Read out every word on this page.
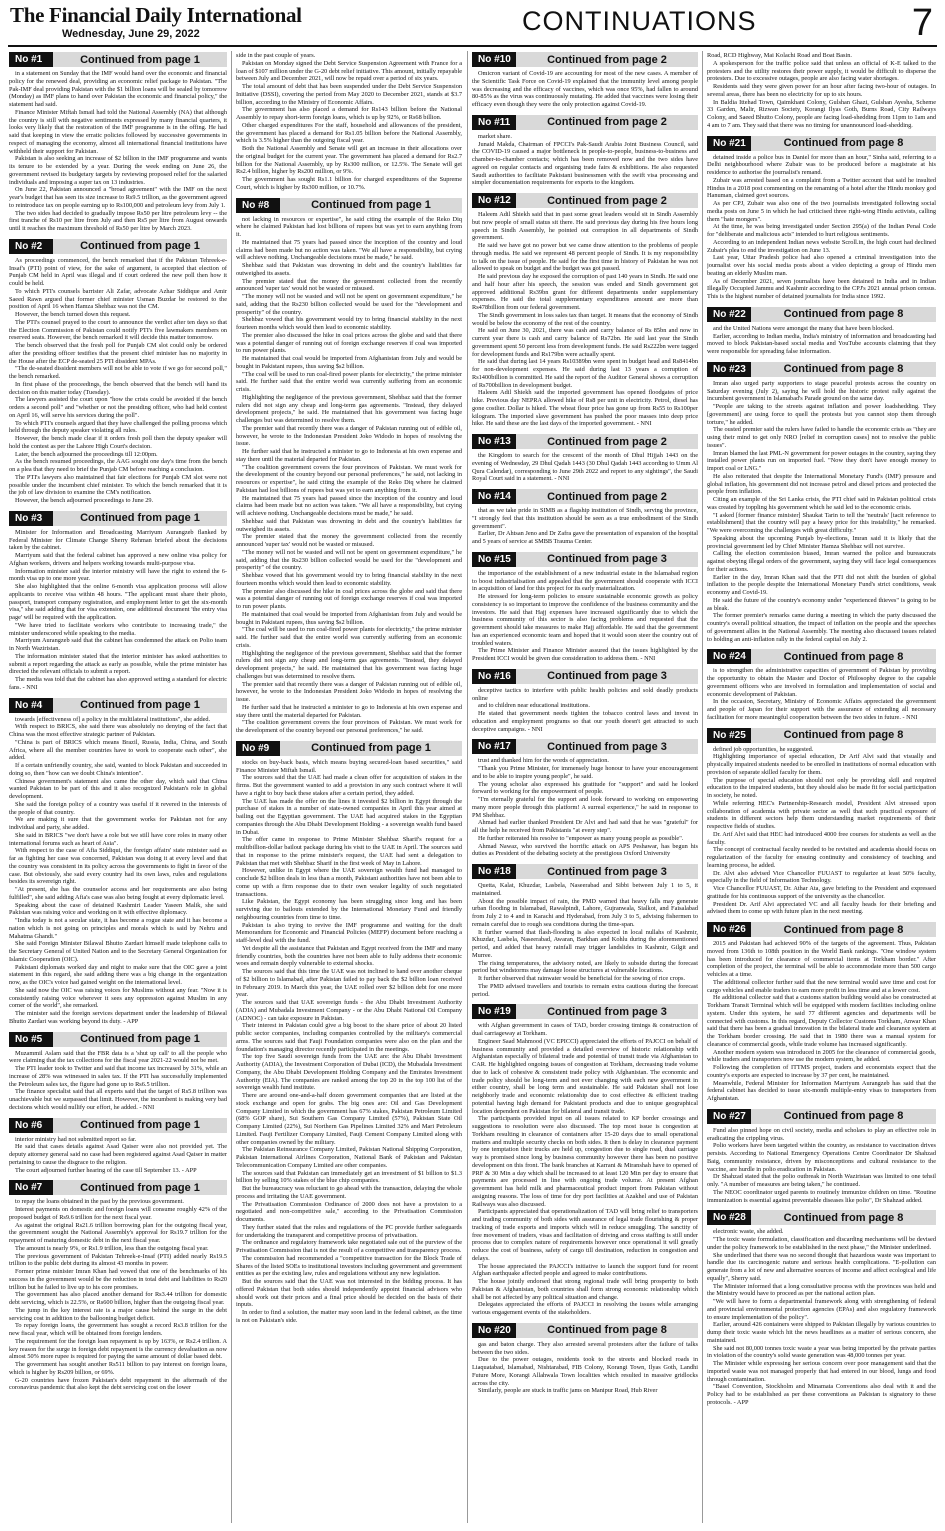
The Financial Daily International
Wednesday, June 29, 2022	CONTINUATIONS	7
No #1	Continued from page 1

in a statement on Sunday that the IMF would hand over the economic and financial policy for the renewed deal, providing an economic relief package to Pakistan. "The Pak-IMF deal providing Pakistan with the $1 billion loans will be sealed by tomorrow (Monday) as IMF plans to hand over Pakistan the economic and financial policy," the statement had said.

Finance Minister Miftah Ismail had told the National Assembly (NA) that although the country is still with negative sentiments expressed by many financial quarters, it looks very likely that the restoration of the IMF programme is in the offing. He had said that keeping in view the erratic policies followed by successive governments in respect of managing the economy, almost all international financial institutions have withheld their support for Pakistan.

Pakistan is also seeking an increase of $2 billion in the IMF programme and wants its tenure to be extended by a year. During the week ending on June 26, the government revised its budgetary targets by reviewing proposed relief for the salaried individuals and imposing a super tax on 13 industries.

On June 22, Pakistan announced a "broad agreement" with the IMF on the next year's budget that has seen its size increase to Rs9.5 trillion, as the government agreed to reintroduce tax on people earning up to Rs100,000 and petroleum levy from July 1.

The two sides had decided to gradually impose Rs50 per litre petroleum levy -- the first tranche of Rs10 per litre from July and then Rs5 per litre from August onwards until it reaches the maximum threshold of Rs50 per litre by March 2023.

No #2	Continued from page 1

As proceedings commenced, the bench remarked that if the Pakistan Tehreek-e-Insaf's (PTI) point of view, for the sake of argument, is accepted that election of Punjab CM held in April was illegal and if court ordered the new poll then how it could be held.

To which PTI's counsels barrister Ali Zafar, advocate Azhar Siddique and Amir Saeed Rawn argued that former chief minister Usman Buzdar be restored to the position of April 16 when Hamza Shehbaz was not the CM.

However, the bench turned down this request.

The PTI's counsel prayed to the court to announce the verdict after ten days so that the Election Commission of Pakistan could notify PTI's five lawmakers members on reserved seats. However, the bench remarked it will decide this matter tomorrow.

The bench observed that the fresh poll for Punjab CM slot could only be ordered after the presiding officer testifies that the present chief minister has no majority in the House after the ECP de-seated 25 PTI dissident MPAs.

"The de-seated dissident members will not be able to vote if we go for second poll," the bench remarked.

In first phase of the proceedings, the bench observed that the bench will hand its decision on this matter today (Tuesday).

The lawyers assisted the court upon "how the crisis could be avoided if the bench orders a second poll" and "whether or not the presiding officer, who had held contest on April 16, will serve his services during the poll".

To which PTI's counsels argued that they have challenged the polling process which held through the deputy speaker violating all rules.

However, the bench made clear if it orders fresh poll then the deputy speaker will hold the contest as per the Lahore High Court's decision.

Later, the bench adjourned the proceedings till 12:00pm.

As the bench resumed proceedings, the AAG sought one day's time from the bench on a plea that they need to brief the Punjab CM before reaching a conclusion.

The PTI's lawyers also maintained that fair elections for Punjab CM slot were not possible under the incumbent chief minister. To which the bench remarked that it is the job of law division to examine the CM's notification.

However, the bench adjourned proceedings to June 29.

No #3	Continued from page 1

Minister for Information and Broadcasting Marriyum Aurangzeb flanked by Federal Minister for Climate Change Sherry Rehman briefed about the decisions taken by the cabinet.

Marriyum said that the federal cabinet has approved a new online visa policy for Afghan workers, drivers and helpers working towards multi-purpose visa.

Information minister said the interior ministry will have the right to extend the 6-month visa up to one more year.

She also highlighted that the online 6-month visa application process will allow applicants to receive visa within 48 hours. "The applicant must share their photo, passport, transport company registration, and employment letter to get the six-month visa," she said adding that for visa extension, one additional document 'the entry visa page' will be required with the application.

"We have tried to facilitate workers who contribute to increasing trade," the minister underscored while speaking to the media.

Marriyum Aurangzeb said that the cabinet has condemned the attack on Polio team in North Waziristan.

The information minister stated that the interior minister has asked authorities to submit a report regarding the attack as early as possible, while the prime minister has directed the relevant officials to submit a report.

The media was told that the cabinet has also approved setting a standard for electric fans. - NNI

No #4	Continued from page 1

towards [effectiveness of] a policy in the multilateral institutions", she added.

With respect to BRICS, she said there was absolutely no denying of the fact that China was the most effective strategic partner of Pakistan.

"China is part of BRICS which means Brazil, Russia, India, China, and South Africa, where all the member countries have to work to cooperate each other", she added.

If a certain unfriendly country, she said, wanted to block Pakistan and succeeded in doing so, then "how can we doubt China's intention".

Chinese government's statement also came the other day, which said that China wanted Pakistan to be part of this and it also recognized Pakistan's role in global development.

She said the foreign policy of a country was useful if it revered in the interests of the people of that country.

We are making it sure that the government works for Pakistan not for any individual and party, she added.

She said in BRICS "we don't have a role but we still have core roles in many other international forums such as heart of Asia".

With respect to the case of Afia Siddiqui, the foreign affairs' state minister said as far as fighting her case was concerned, Pakistan was doing it at every level and that the country was consistent in its policy across the governments to fight in favor of the case. But obviously, she said every country had its own laws, rules and regulations besides its sovereign right.

"At present, she has the counselor access and her requirements are also being fulfilled", she said adding Afia's case was also being fought at every diplomatic level.

Speaking about the case of detained Kashmiri Leader Yaseen Malik, she said Pakistan was raising voice and working on it with effective diplomacy.

"India today is not a secular state, it has become a rogue state and it has become a nation which is not going on principles and morals which is said by Nehru and Mahatma Ghandi."

She said Foreign Minister Bilawal Bhutto Zardari himself made telephone calls to the Secretary General of United Nation and to the Secretary General Organization for Islamic Cooperation (OIC).

Pakistani diplomats worked day and night to make sure that the OIC gave a joint statement in this regard, she said adding there was a big change in the organization now, as the OIC's voice had gained weight on the international level.

She said now the OIC was raising voices for Muslims without any fear. "Now it is consistently raising voice wherever it sees any oppression against Muslim in any corner of the world", she remarked.

The minister said the foreign services department under the leadership of Bilawal Bhutto Zardari was working beyond its duty. - APP

No #5	Continued from page 1

Muzammil Aslam said that the FBR data is a 'shut up call' to all the people who were claiming that the tax collections for the fiscal year 2021-22 would not be met.

The PTI leader took to Twitter and said that income tax increased by 31%, while an increase of 28% was witnessed in sales tax. If the PTI has successfully implemented the Petroleum sales tax, the figure had gone up to Rs6.5 trillion.

The finance specialist said that all experts said that the target of Rs5.8 trillion was unachievable but we surpassed that limit. However, the incumbent is making very bad decisions which would nullify our effort, he added. - NNI

No #6	Continued from page 1

interior ministry had not submitted report so far.

He said that cases details against Asad Qaiser were also not provided yet. The deputy attorney general said no case had been registered against Asad Qaiser in matter pertaining to cause the disgrace to the religion.

The court adjourned further hearing of the case till September 13. - APP

No #7	Continued from page 1

to repay the loans obtained in the past by the previous government.

Interest payments on domestic and foreign loans will consume roughly 42% of the proposed budget of Rs9.6 trillion for the next fiscal year.

As against the original Rs21.6 trillion borrowing plan for the outgoing fiscal year, the government sought the National Assembly's approval for Rs19.7 trillion for the repayment of maturing domestic debt in the next fiscal year.

The amount is nearly 9%, or Rs1.9 trillion, less than the outgoing fiscal year.

The previous government of Pakistan Tehreek-e-Insaf (PTI) added nearly Rs19.5 trillion to the public debt during its almost 43 months in power.

Former prime minister Imran Khan had vowed that one of the benchmarks of his success in the government would be the reduction in total debt and liabilities to Rs20 trillion but he failed to live up to his core promises.

The government has also placed another demand for Rs3.44 trillion for domestic debt servicing, which is 22.5%, or Rs600 billion, higher than the outgoing fiscal year.

The jump in the key interest rate is a major cause behind the surge in the debt servicing cost in addition to the ballooning budget deficit.

To repay foreign loans, the government has sought a record Rs3.8 trillion for the new fiscal year, which will be obtained from foreign lenders.

The requirement for the foreign loan repayment is up by 163%, or Rs2.4 trillion. A key reason for the surge in foreign debt repayment is the currency devaluation as now almost 50% more rupee is required for paying the same amount of dollar based debt.

The government has sought another Rs511 billion to pay interest on foreign loans, which is higher by Rs209 billion, or 69%.

G-20 countries have frozen Pakistan's debt repayment in the aftermath of the coronavirus pandemic that also kept the debt servicing cost on the lower

side in the past couple of years.

Pakistan on Monday signed the Debt Service Suspension Agreement with France for a loan of $107 million under the G-20 debt relief initiative. This amount, initially repayable between July and December 2021, will now be repaid over a period of six years.

The total amount of debt that has been suspended under the Debt Service Suspension Initiative (DSSI), covering the period from May 2020 to December 2021, stands at $3.7 billion, according to the Ministry of Economic Affairs.

The government has also placed a demand for Rs143 billion before the National Assembly to repay short-term foreign loans, which is up by 92%, or Rs68 billion.

Other charged expenditures For the staff, household and allowances of the president, the government has placed a demand for Rs1.05 billion before the National Assembly, which is 3.5% higher than the outgoing fiscal year.

Both the National Assembly and Senate will get an increase in their allocations over the original budget for the current year. The government has placed a demand for Rs2.7 billion for the National Assembly, up by Rs300 million, or 12.5%. The Senate will get Rs2.4 billion, higher by Rs200 million, or 9%.

The government has sought Rs1.1 billion for charged expenditures of the Supreme Court, which is higher by Rs300 million, or 10.7%.

No #8	Continued from page 1

not lacking in resources or expertise", he said citing the example of the Reko Diq where he claimed Pakistan had lost billions of rupees but was yet to earn anything from it.

He maintained that 75 years had passed since the inception of the country and loud claims had been made but no action was taken. "We all have a responsibility, but crying will achieve nothing. Unchangeable decisions must be made," he said.

Shehbaz said that Pakistan was drowning in debt and the country's liabilities far outweighed its assets.

The premier stated that the money the government collected from the recently announced 'super tax' would not be wasted or misused.

"The money will not be wasted and will not be spent on government expenditure," he said, adding that the Rs230 billion collected would be used for the "development and prosperity" of the country.

Shehbaz vowed that his government would try to bring financial stability in the next fourteen months which would then lead to economic stability.

The premier also discussed the hike in coal prices across the globe and said that there was a potential danger of running out of foreign exchange reserves if coal was imported to run power plants.

He maintained that coal would be imported from Afghanistan from July and would be bought in Pakistani rupees, thus saving $s2 billion.

"The coal will be used to run coal-fired power plants for electricity," the prime minister said. He further said that the entire world was currently suffering from an economic crisis.

Highlighting the negligence of the previous government, Shehbaz said that the former rulers did not sign any cheap and long-term gas agreements. "Instead, they delayed development projects," he said. He maintained that his government was facing huge challenges but was determined to resolve them.

The premier said that recently there was a danger of Pakistan running out of edible oil, however, he wrote to the Indonesian President Joko Widodo in hopes of resolving the issue.

He further said that he instructed a minister to go to Indonesia at his own expense and stay there until the material departed for Pakistan.

"The coalition government covers the four provinces of Pakistan. We must work for the development of the country beyond our personal preferences," he said, not lacking in resources or expertise", he said citing the example of the Reko Diq where he claimed Pakistan had lost billions of rupees but was yet to earn anything from it.

He maintained that 75 years had passed since the inception of the country and loud claims had been made but no action was taken. "We all have a responsibility, but crying will achieve nothing. Unchangeable decisions must be made," he said.

Shehbaz said that Pakistan was drowning in debt and the country's liabilities far outweighed its assets.

The premier stated that the money the government collected from the recently announced 'super tax' would not be wasted or misused.

"The money will not be wasted and will not be spent on government expenditure," he said, adding that the Rs230 billion collected would be used for the "development and prosperity" of the country.

Shehbaz vowed that his government would try to bring financial stability in the next fourteen months which would then lead to economic stability.

The premier also discussed the hike in coal prices across the globe and said that there was a potential danger of running out of foreign exchange reserves if coal was imported to run power plants.

He maintained that coal would be imported from Afghanistan from July and would be bought in Pakistani rupees, thus saving $s2 billion.

"The coal will be used to run coal-fired power plants for electricity," the prime minister said. He further said that the entire world was currently suffering from an economic crisis.

Highlighting the negligence of the previous government, Shehbaz said that the former rulers did not sign any cheap and long-term gas agreements. "Instead, they delayed development projects," he said. He maintained that his government was facing huge challenges but was determined to resolve them.

The premier said that recently there was a danger of Pakistan running out of edible oil, however, he wrote to the Indonesian President Joko Widodo in hopes of resolving the issue.

He further said that he instructed a minister to go to Indonesia at his own expense and stay there until the material departed for Pakistan.

"The coalition government covers the four provinces of Pakistan. We must work for the development of the country beyond our personal preferences," he said.

No #9	Continued from page 1

stocks on buy-back basis, which means buying secured-loan based securities," said Finance Minister Miftah Ismail.

The sources said that the UAE had made a clean offer for acquisition of stakes in the firms. But the government wanted to add a provision in any such contract where it will have a right to buy back these stakes after a certain period, they added.

The UAE has made the offer on the lines it invested $2 billion in Egypt through the purchase of stakes in a number of state-owned companies in April this year aimed at bailing out the Egyptian government. The UAE had acquired stakes in the Egyptian companies through the Abu Dhabi Development Holding - a sovereign wealth fund based in Dubai.

The offer came in response to Prime Minister Shehbaz Sharif's request for a multibillion-dollar bailout package during his visit to the UAE in April. The sources said that in response to the prime minister's request, the UAE had sent a delegation to Pakistan that met with Shehbaz Sharif in the first week of May in Lahore.

However, unlike in Egypt where the UAE sovereign wealth fund had managed to conclude $2 billion deals in less than a month, Pakistani authorities have not been able to come up with a firm response due to their own weaker legality of such negotiated transactions.

Like Pakistan, the Egypt economy has been struggling since long and has been surviving due to bailouts extended by the International Monetary Fund and friendly neighbouring countries from time to time.

Pakistan is also trying to revive the IMF programme and waiting for the draft Memorandum for Economic and Financial Policies (MEFP) document before reaching a staff-level deal with the fund.

Yet despite all the assistance that Pakistan and Egypt received from the IMF and many friendly countries, both the countries have not been able to fully address their economic woes and remain deeply vulnerable to external shocks.

The sources said that this time the UAE was not inclined to hand over another cheque of $2 billion to Islamabad, after Pakistan failed to pay back the $2 billion loan received in February 2019. In March this year, the UAE rolled over $2 billion debt for one more year.

The sources said that UAE sovereign funds - the Abu Dhabi Investment Authority (ADIA) and Mubadala Investment Company - or the Abu Dhabi National Oil Company (ADNOC) - can take exposure in Pakistan.

Their interest in Pakistan could give a big boost to the share price of about 20 listed public sector companies, including companies controlled by the military's commercial arms. The sources said that Fauji Foundation companies were also on the plan and the foundation's managing director recently participated in the meetings.

The top five Saudi sovereign funds from the UAE are: the Abu Dhabi Investment Authority (ADIA), the Investment Corporation of Dubai (ICD), the Mubadala Investment Company, the Abu Dhabi Development Holding Company and the Emirates Investment Authority (EIA). The companies are ranked among the top 20 in the top 100 list of the sovereign wealth fund institute.

There are around one-and-a-half dozen government companies that are listed at the stock exchange and open for grabs. The big ones are: Oil and Gas Development Company Limited in which the government has 67% stakes, Pakistan Petroleum Limited (68% GOP share), Sui Southern Gas Company Limited (57%), Pakistan State Oil Company Limited (22%), Sui Northern Gas Pipelines Limited 32% and Mari Petroleum Limited. Fauji Fertilizer Company Limited, Fauji Cement Company Limited along with other companies owned by the military.

The Pakistan Reinsurance Company Limited, Pakistan National Shipping Corporation, Pakistan International Airlines Corporation, National Bank of Pakistan and Pakistan Telecommunication Company Limited are other companies.

The sources said that Pakistan can immediately get an investment of $1 billion to $1.3 billion by selling 10% stakes of the blue chip companies.

But the bureaucracy was reluctant to go ahead with the transaction, delaying the whole process and irritating the UAE government.

The Privatisation Commission Ordinance of 2000 does not have a provision to a negotiated and non-competitive sale," according to the Privatisation Commission documents.

They further stated that the rules and regulations of the PC provide further safeguards for undertaking the transparent and competitive process of privatisation.

The ordinance and regulatory framework take negotiated sale out of the purview of the Privatisation Commission that is not the result of a competitive and transparency process.

The commission had recommended a "competitive transaction for the Block Trade of Shares of the listed SOEs to institutional investors including government and government entities as per the existing law, rules and regulations without any new legislation.

But the sources said that the UAE was not interested in the bidding process. It has offered Pakistan that both sides should independently appoint financial advisors who should work out their prices and a final price should be decided on the basis of their inputs.

In order to find a solution, the matter may soon land in the federal cabinet, as the time is not on Pakistan's side.

No #10	Continued from page 2

Omicron variant of Covid-19 are accounting for most of the new cases. A member of the Scientific Task Force on Covid-19 explained that the immunity level among people was decreasing and the efficacy of vaccines, which was once 95%, had fallen to around 80-85% as the virus was continuously mutating. He added that vaccines were losing their efficacy even though they were the only protection against Covid-19.

No #11	Continued from page 2

market share.

Junaid Makda, Chairman of FPCCI's Pak-Saudi Arabia Joint Business Council, said the COVID-19 caused a major bottleneck in people-to-people, business-to-business and chamber-to-chamber contacts; which has been removed now and the two sides have agreed on regular contacts and organising trade fairs & exhibitions. He also requested Saudi authorities to facilitate Pakistani businessmen with the swift visa processing and simpler documentation requirements for exports to the kingdom.

No #12	Continued from page 2

Haleem Adil Shiekh said that in past some great leaders would sit in Sindh Assembly but now people of small status sit there. He said previous day during his five hours long speech in Sindh Assembly, he pointed out corruption in all departments of Sindh government.

He said we have got no power but we came draw attention to the problems of people through media. He said we represent 48 percent people of Sindh. It is my responsibility to talk on the issue of people. He said for the first time in history of Pakistan he was not allowed to speak on budget and the budget was got passed.

He said previous day he exposed the corruption of past 140 years in Sindh. He said one and half hour after his speech, the session was ended and Sindh government got approved additional Rs39bn grant for different departments under supplementary expenses. He said the total supplementary expenditures amount are more than Rs478billion from our federal government.

The Sindh government in loss sales tax than target. It means that the economy of Sindh would be below the economy of the rest of the country.

He said on June 30, 2021, there was cash and carry balance of Rs 85bn and now in current year there is cash and carry balance of Rs72bn. He said last year the Sindh government spent 50 percent less from development funds. He said Rs222bn were tagged for development funds and Rs179bn were actually spent.

He said that during last 14 years Rs10389bn were spent in budget head and Rs8414bn for non-development expenses. He said during last 13 years a corruption of Rs1400billion is committed. He said the report of the Auditor General shows a corruption of Rs700billion in development budget.

Haleem Adil Shiekh said the imported government has opened floodgates of price hike. Previous day NEPRA allowed hike of Rs8 per unit in electricity. Petrol, diesel has gone costlier. Dollar is hiked. The wheat flour price has gone up from Rs55 to Rs100per kilogram. The imported slave government has pushed the poor masses into deep price hike. He said these are the last days of the imported government. - NNI

No #13	Continued from page 2

the Kingdom to search for the crescent of the month of Dhul Hijjah 1443 on the evening of Wednesday, 29 Dhul Qadah 1443 (30 Dhul Qadah 1443 according to Umm Al Qura Calendar), corresponding to June 29th 2022 and report to any sightings", the Saudi Royal Court said in a statement. - NNI

No #14	Continued from page 2

that as we take pride in SIMB as a flagship institution of Sindh, serving the province, "I strongly feel that this institution should be seen as a true embodiment of the Sindh government".

Earlier, Dr Ahtsan Jeno and Dr Zafra gave the presentation of expansion of the hospital and 5 years of service at SMBB Trauma Center.

No #15	Continued from page 3

the importance of the establishment of a new industrial estate in the Islamabad region to boost industrialisation and appealed that the government should cooperate with ICCI in acquisition of land for this project for its early materialization.

He stressed for long-term policies to ensure sustainable economic growth as policy consistency is so important to improve the confidence of the business community and the investors. He said that Hajj expenses have increased significantly due to which the business community of this sector is also facing problems and requested that the government should take measures to make Hajj affordable. He said that the government has an experienced economic team and hoped that it would soon steer the country out of troubled waters.

The Prime Minister and Finance Minister assured that the issues highlighted by the President ICCI would be given due consideration to address them. - NNI

No #16	Continued from page 3

deceptive tactics to interfere with public health policies and sold deadly products online

and to children near educational institutions.

He stated that government needs tighten the tobacco control laws and invest in education and employment programs so that our youth doesn't get attracted to such deceptive campaigns. - NNI

No #17	Continued from page 3

trust and thanked him for the words of appreciation.

"Thank you Prime Minister, for immensely huge honour to have your encouragement and to be able to inspire young people", he said.

The young scholar also expressed his gratitude for "support" and said he looked forward to working for the empowerment of people.

"I'm eternally grateful for the support and look forward to working on empowering many more people through this platform! A surreal experience," he said in response to PM Shehbaz.

Ahmad had earlier thanked President Dr Alvi and had said that he was "grateful" for all the help he received from Pakistanis "at every step".

He further reiterated his resolve to "empower as many young people as possible".

Ahmad Nawaz, who survived the horrific attack on APS Peshawar, has begun his duties as President of the debating society at the prestigious Oxford University

No #18	Continued from page 3

Quetta, Kalat, Khuzdar, Lasbela, Naseerabad and Sibbi between July 1 to 5, it maintained.

About the possible impact of rain, the PMD warned that heavy falls may generate urban flooding in Islamabad, Rawalpindi, Lahore, Gujranwala, Sialkot, and Faisalabad from July 2 to 4 and in Karachi and Hyderabad, from July 3 to 5, advising fishermen to remain careful due to rough sea conditions during the time-span.

It further warned that flash-flooding is also expected in local nullahs of Kashmir, Khuzdar, Lasbela, Naseerabad, Awaran, Barkhan and Kohlu during the aforementioned period, and added that heavy rainfall may trigger landslides in Kashmir, Gilgit and Murree.

The rising temperatures, the advisory noted, are likely to subside during the forecast period but windstorms may damage loose structures at vulnerable locations.

It further observed that rainwater would be beneficial for the sowing of rice crops.

The PMD advised travellers and tourists to remain extra cautious during the forecast period.

No #19	Continued from page 3

with Afghan government in cases of TAD, border crossing timings & construction of dual carriageway at Torkham.

Engineer Saad Mahmood (VC EPICCI) appreciated the efforts of PAJCCI on behalf of business community and provided a detailed overview of historic relationship with Afghanistan especially of bilateral trade and potential of transit trade via Afghanistan to CAR. He highlighted ongoing issues of congestion at Torkham, decreasing trade volume due to lack of cohesive & consistent trade policy with Afghanistan. The economic and trade policy should be long-term and not ever changing with each new government in either country, shall be long term and sustainable. He said Pakistan shall not lose neighborly trade and economic relationship due to cost effective & efficient trading potential having high demand for Pakistani products and due to unique geographical location dependent on Pakistan for bilateral and transit trade.

The participants provided input on all issues related to KP border crossings and suggestions to resolution were also discussed. The top most issue is congestion at Torkham resulting in clearance of containers after 15-20 days due to small operational matters and multiple security checks on both sides. It then is delay in clearance payment by one temptation their trucks are held up, congestion due to single road, dual carriage way is promised since long by business community however there has been no positive development on this front. The bank branches at Karrani & Miranshah have to opened of PRF & 30 Min a day which shall be increased to at least 120 Min per day to ensure that payments are processed in line with ongoing trade volume. At present Afghan government has held milk and pharmaceutical product import from Pakistan without assigning reasons. The loss of time for dry port facilities at Azakhel and use of Pakistan Railways was also discussed.

Participants appreciated that operationalization of TAD will bring relief to transporters and trading community of both sides with assurance of legal trade flourishing & proper tracking of trade exports and imports which will in reduce smuggling. The sanctity of free movement of traders, visas and facilitation of driving and cross staffing is still under process due to complex nature of requirements however once operational it will greatly reduce the cost of business, safety of cargo till destination, reduction in congestion and delays.

The house appreciated the PAJCCI's initiative to launch the support fund for recent Afghan earthquake affected people and agreed to make contributions.

The house jointly endorsed that strong regional trade will bring prosperity to both Pakistan & Afghanistan, both countries shall form strong economic relationship which shall be not affected by any political situation and change.

Delegates appreciated the efforts of PAJCCI in resolving the issues while arranging various engagement events of the stakeholders.

No #20	Continued from page 8

gas and baton charge. They also arrested several protesters after the failure of talks between the two sides.

Due to the power outages, residents took to the streets and blocked roads in Liaquatabad, Islamabad, Nishtarabad, FIB Colony, Korangi Town, Ilyas Goth, Landhi Future More, Korangi Allahwala Town localities which resulted in massive gridlocks across the city.

Similarly, people are stuck in traffic jams on Manipur Road, Hub River

Road, RCD Highway, Mai Kolachi Road and Boat Basin.

A spokesperson for the traffic police said that unless an official of K-E talked to the protesters and the utility restores their power supply, it would be difficult to disperse the protesters. Due to excessive outages, people are also facing water shortages.

Residents said they were given power for an hour after facing two-hour of outages. In several areas, there has been no electricity for up to six hours.

In Baldia Ittehad Town, Qaimkhani Colony, Gulshan Ghazi, Gulshan Ayesha, Scheme 33 Garden, Malir, Rizwan Society, Korangi Ilyas Goth, Burns Road, City Railways Colony, and Saeed Bhutto Colony, people are facing load-shedding from 11pm to 1am and 4 am to 7 am. They said that there was no timing for unannounced load-shedding.

No #21	Continued from page 8

detained inside a police bus in Daniel for more than an hour," Sinha said, referring to a Delhi neighbourhood where Zubair was to be produced before a magistrate at his residence to authorise the journalist's remand.

Zubair was arrested based on a complaint from a Twitter account that said he insulted Hindus in a 2018 post commenting on the renaming of a hotel after the Hindu monkey god Hanuman, claimed govt sources.

As per CPJ, Zubair was also one of the two journalists investigated following social media posts on June 5 in which he had criticised three right-wing Hindu activists, calling them "hate mongers".

At the time, he was being investigated under Section 295(a) of the Indian Penal Code for "deliberate and malicious acts" intended to hurt religious sentiments.

According to an independent Indian news website Scroll.in, the high court had declined Zubair's plea to end the investigation on June 13.

Last year, Uttar Pradesh police had also opened a criminal investigation into the journalist over his social media posts about a video depicting a group of Hindu men beating an elderly Muslim man.

As of December 2021, seven journalists have been detained in India and in Indian Illegally Occupied Jammu and Kashmir according to the CPJ's 2021 annual prison census. This is the highest number of detained journalists for India since 1992.

No #22	Continued from page 8

and the United Nations were amongst the many that have been blocked.

Earlier, according to Indian media, India's ministry of information and broadcasting had moved to block Pakistan-based social media and YouTube accounts claiming that they were responsible for spreading false information.

No #23	Continued from page 8

Imran also urged party supporters to stage peaceful protests across the country on Saturday evening (July 2), saying he will hold the historic protest rally against the incumbent government in Islamabad's Parade ground on the same day.

"People are taking to the streets against inflation and power loadshedding. They [government] are using force to quell the protests but you cannot stop them through torture," he added.

The ousted premier said the rulers have failed to handle the economic crisis as "they are using their mind to get only NRO [relief in corruption cases] not to resolve the public issues".

Imran blamed the last PML-N government for power outages in the country, saying they installed power plants run on imported fuel. "Now they don't have enough money to import coal or LNG."

He also reiterated that despite the International Monetary Fund's (IMF) pressure and global inflation, his government did not increase petrol and diesel prices and protected the people from inflation.

Citing an example of the Sri Lanka crisis, the PTI chief said in Pakistan political crisis was created by toppling his government which he said led to the economic crisis.

"I asked [former finance minister] Shaukat Tarin to tell the 'neutrals' [tacit reference to establishment] that the country will pay a heavy price for this instability," he remarked. "We were overcoming the challenges with great difficulty."

Speaking about the upcoming Punjab by-elections, Imran said it is likely that the provincial government led by Chief Minister Hamza Shehbaz will not survive.

Calling the election commission biased, Imran warned the police and bureaucrats against obeying illegal orders of the government, saying they will face legal consequences for their actions.

Earlier in the day, Imran Khan said that the PTI did not shift the burden of global inflation to the people despite the International Monetary Fund's strict conditions, weak economy and Covid-19.

He said the future of the country's economy under "experienced thieves" is going to be as bleak.

The former premier's remarks came during a meeting in which the party discussed the country's overall political situation, the impact of inflation on the people and the speeches of government allies in the National Assembly. The meeting also discussed issues related to holding an anti-inflation rally in the federal capital on July 2.

No #24	Continued from page 8

is to strengthen the administrative capacities of government of Pakistan by providing the opportunity to obtain the Master and Doctor of Philosophy degree to the capable government officers who are involved in formulation and implementation of social and economic development of Pakistan.

In the occasion, Secretary, Ministry of Economic Affairs appreciated the government and people of Japan for their support with the assurance of extending all necessary facilitation for more meaningful cooperation between the two sides in future. - NNI

No #25	Continued from page 8

defined job opportunities, he suggested.

Highlighting importance of special education, Dr Arif Alvi said that visually and physically impaired students needed to be enrolled in institutions of normal education with provision of separate skilled faculty for them.

The purpose of special education should not only be providing skill and required education to the impaired students, but they should also be made fit for social participation in society, he noted.

While referring HEC's Partnership-Research model, President Alvi stressed upon collaboration of academia with private sector as well that such practical exposure of students in different sectors help them understanding market requirements of their respective fields of studies.

Dr. Arif Alvi said that HEC had introduced 4000 free courses for students as well as the faculty.

The concept of contractual faculty needed to be revisited and academia should focus on regularization of the faculty for ensuing continuity and consistency of teaching and learning process, he added.

Dr. Alvi also advised Vice Chancellor FUUAST to regularize at least 50% faculty, especially in the field of Information Technology.

Vice Chancellor FUUAST, Dr. Athar Ata, gave briefing to the President and expressed gratitude for his continuous support of the university as the chancellor.

President Dr. Arif Alvi appreciated VC and all faculty heads for their briefing and advised them to come up with future plan in the next meeting.

No #26	Continued from page 8

2015 and Pakistan had achieved 90% of the targets of the agreement. Thus, Pakistan moved from 136th to 108th position in the World Bank rankings. "One window system has been introduced for clearance of commercial items at Torkham border." After completion of the project, the terminal will be able to accommodate more than 500 cargo vehicles at a time.

The additional collector further said that the new terminal would save time and cost for cargo vehicles and enable traders to earn more profit in less time and at a lower cost.

He additional collector said that a customs station building would also be constructed at Torkham Transit Terminal which will be equipped with modern facilities including online system. Under this system, he said 77 different agencies and departments will be connected with customs. In this regard, Deputy Collector Customs Torkham, Anwar Khan said that there has been a gradual innovation in the bilateral trade and clearance system at the Torkham border crossing. He said that in 1980 there was a manual system for clearance of commercial goods, while trade volume has increased significantly.

Another modern system was introduced in 2005 for the clearance of commercial goods, while traders and transporters now use the modern system, he added.

Following the completion of ITTMS project, traders and economists expect that the country's exports are expected to increase by 37 per cent, he maintained.

Meanwhile, Federal Minister for Information Marriyum Aurangzeb has said that the federal cabinet has decided to issue six-month multiple-entry visas to transporters from Afghanistan.

No #27	Continued from page 8

Fund also pinned hope on civil society, media and scholars to play an effective role in eradicating the crippling virus.

Polio workers have been targeted within the country, as resistance to vaccination drives persists. According to National Emergency Operations Centre Coordinator Dr Shahzad Baig, community resistance, driven by misconceptions and cultural resistance to the vaccine, are hurdle in polio eradication in Pakistan.

Dr Shahzad stated that the polio outbreak in North Waziristan was limited to one tehsil only. "A number of measures are being taken," he continued.

The NEOC coordinator urged parents to routinely immunize children on time. "Routine immunization is essential against preventable diseases like polio", Dr Shahzad added.

No #28	Continued from page 8

electronic waste, she added.

"The toxic waste formulation, classification and discarding mechanisms will be devised under the policy framework to be established in the next phase," the Minister underlined.

She underlined that there was no second thought that hazardous waste was important to handle due its carcinogenic nature and serious health complications. "E-pollution can generate from a lot of new and alternative sources of income and affect ecological and life equally", Sherry said.

The Minister informed that a long consultative process with the provinces was held and the Ministry would have to proceed as per the national action plan.

"We will have to form a departmental framework along with strengthening of federal and provincial environmental protection agencies (EPAs) and also regulatory framework to ensure implementation of the policy".

Earlier, around 426 containers were shipped to Pakistan illegally by various countries to dump their toxic waste which hit the news headlines as a matter of serious concern, she maintained.

She said not 80,000 tonnes toxic waste a year was being imported by the private parties in violation of the country's solid waste generation was 48,000 tonnes per year.

The Minister while expressing her serious concern over poor management said that the imported waste was not managed properly that had entered in our blood, lungs and food through contamination.

"Basel Convention, Stockholm and Minamata Conventions also deal with it and the Policy had to be established as per these conventions as Pakistan is signatory to these protocols. - APP
